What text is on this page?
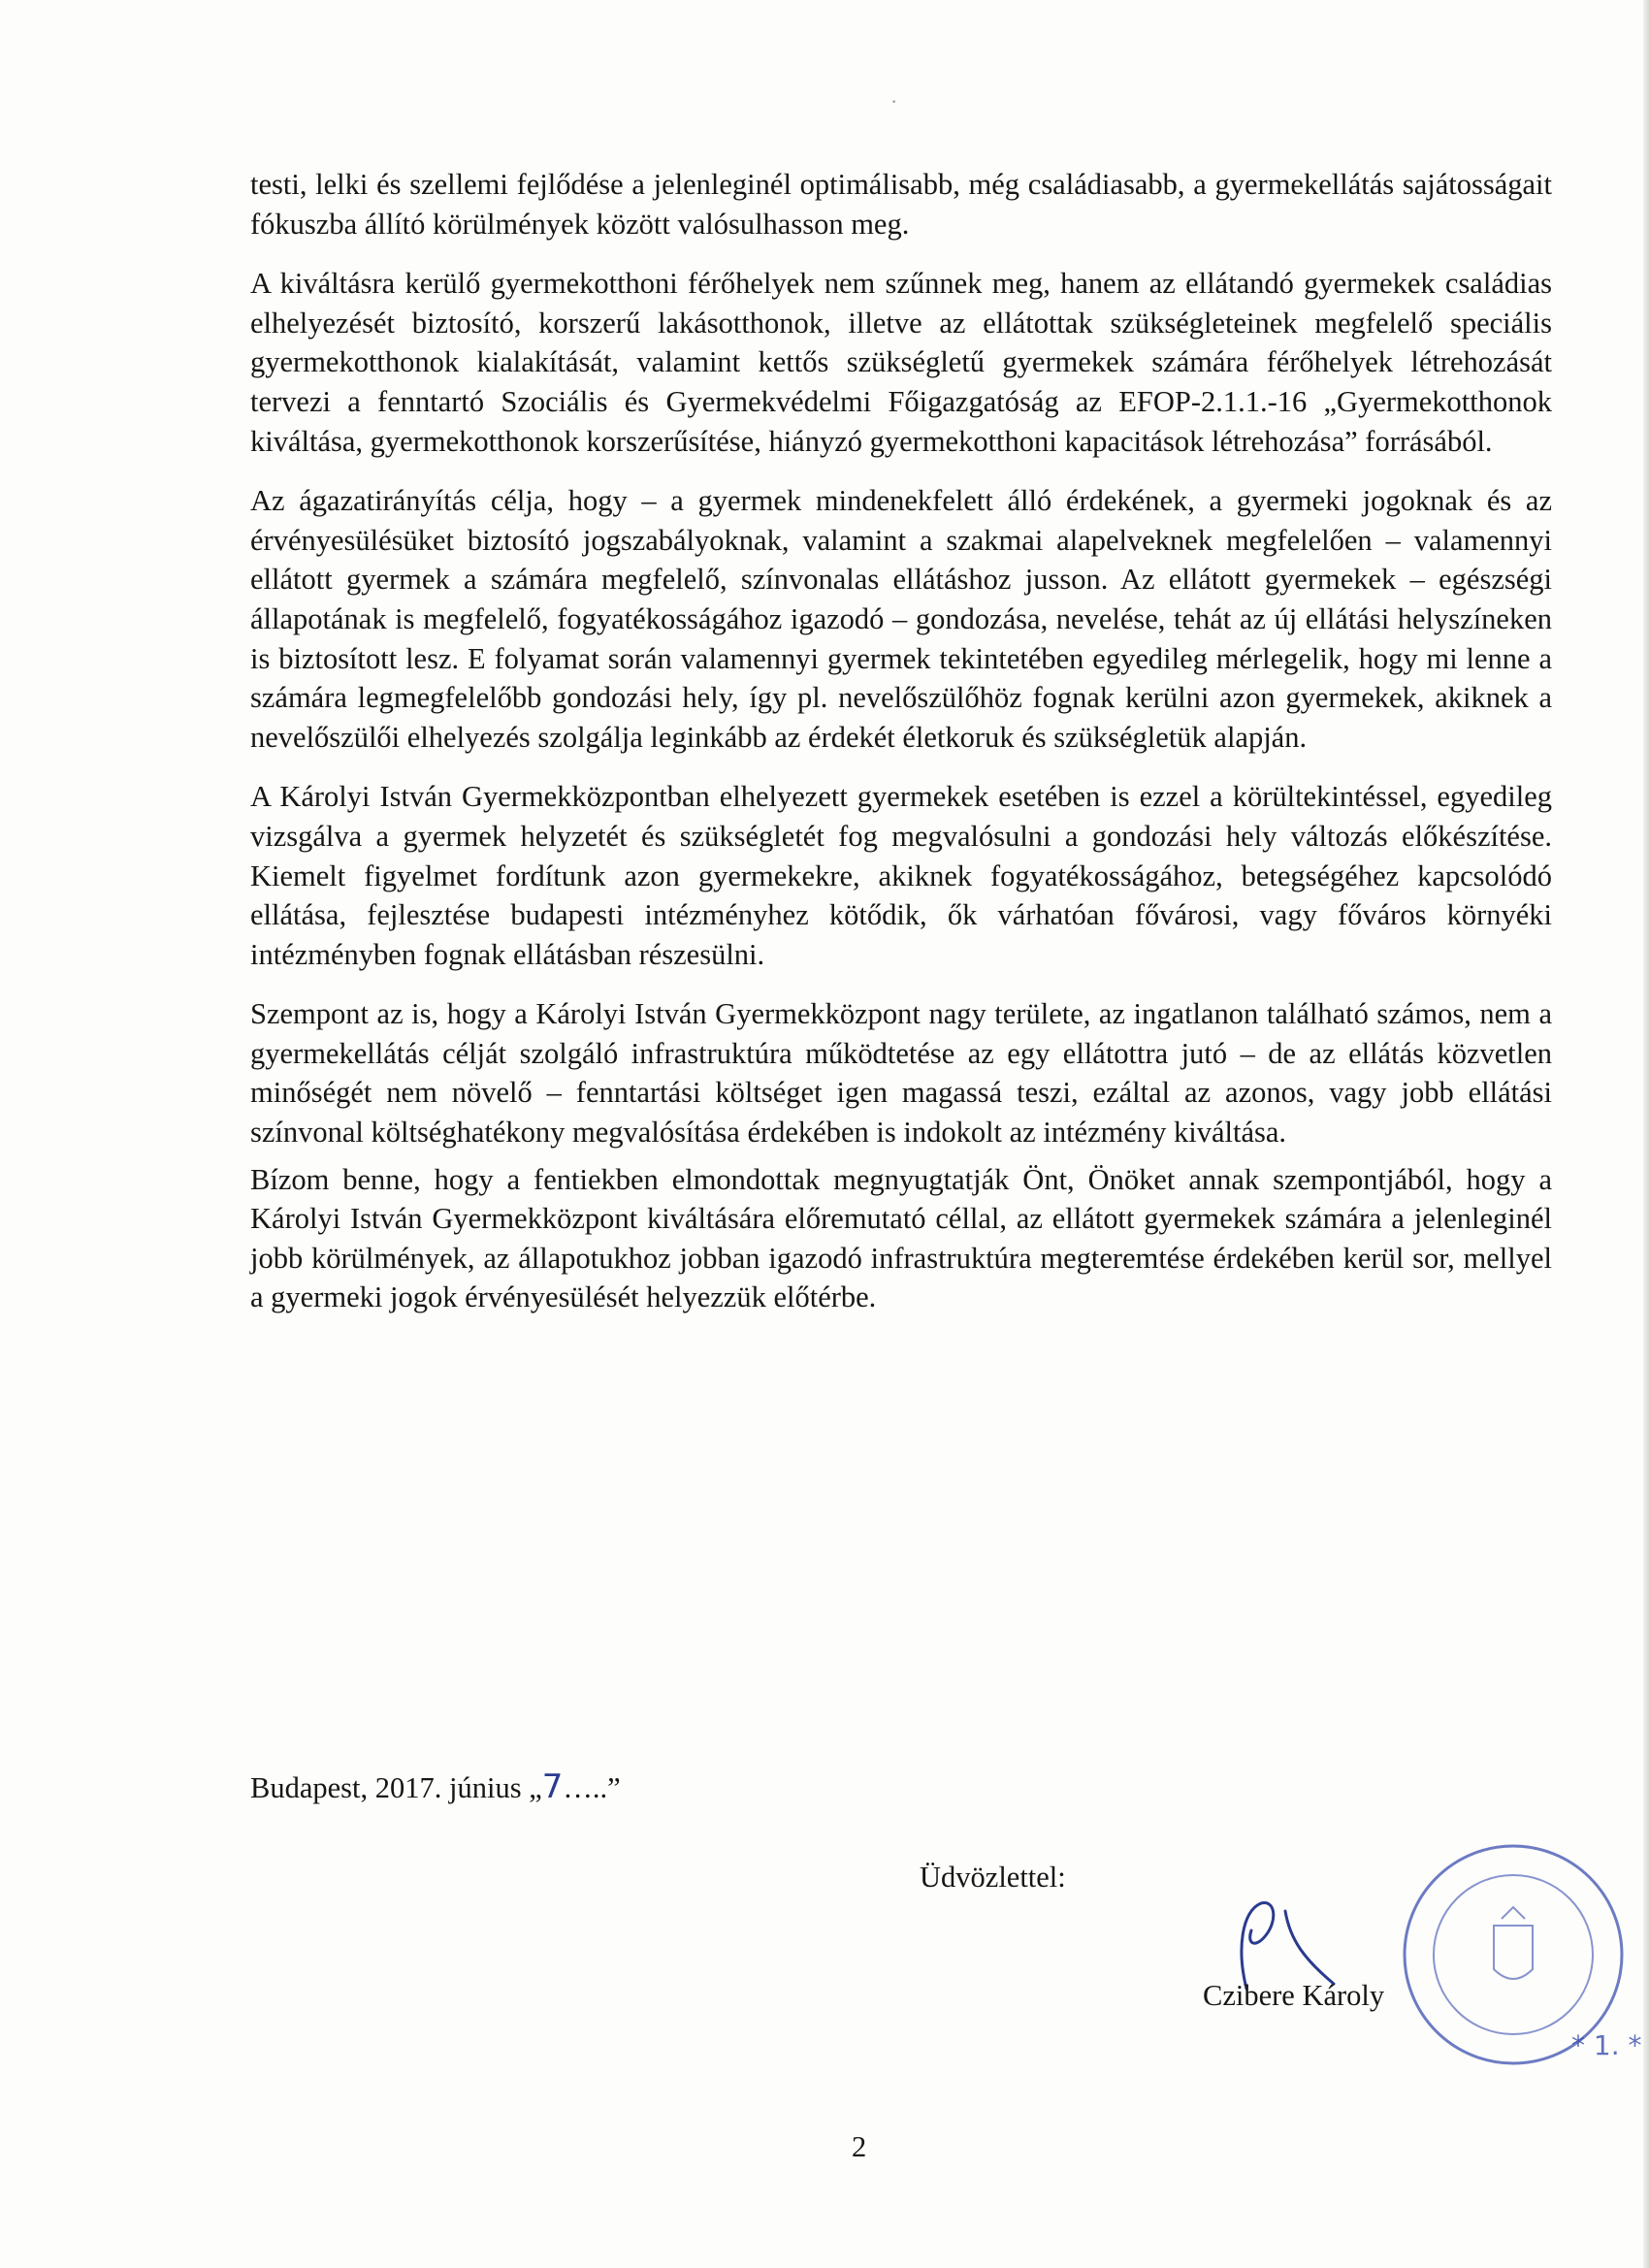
·

testi, lelki és szellemi fejlődése a jelenleginél optimálisabb, még családiasabb, a gyermekellátás sajátosságait fókuszba állító körülmények között valósulhasson meg.

A kiváltásra kerülő gyermekotthoni férőhelyek nem szűnnek meg, hanem az ellátandó gyermekek családias elhelyezését biztosító, korszerű lakásotthonok, illetve az ellátottak szükségleteinek megfelelő speciális gyermekotthonok kialakítását, valamint kettős szükségletű gyermekek számára férőhelyek létrehozását tervezi a fenntartó Szociális és Gyermekvédelmi Főigazgatóság az EFOP-2.1.1.-16 „Gyermekotthonok kiváltása, gyermekotthonok korszerűsítése, hiányzó gyermekotthoni kapacitások létrehozása” forrásából.

Az ágazatirányítás célja, hogy – a gyermek mindenekfelett álló érdekének, a gyermeki jogoknak és az érvényesülésüket biztosító jogszabályoknak, valamint a szakmai alapelveknek megfelelően – valamennyi ellátott gyermek a számára megfelelő, színvonalas ellátáshoz jusson. Az ellátott gyermekek – egészségi állapotának is megfelelő, fogyatékosságához igazodó – gondozása, nevelése, tehát az új ellátási helyszíneken is biztosított lesz. E folyamat során valamennyi gyermek tekintetében egyedileg mérlegelik, hogy mi lenne a számára legmegfelelőbb gondozási hely, így pl. nevelőszülőhöz fognak kerülni azon gyermekek, akiknek a nevelőszülői elhelyezés szolgálja leginkább az érdekét életkoruk és szükségletük alapján.

A Károlyi István Gyermekközpontban elhelyezett gyermekek esetében is ezzel a körültekintéssel, egyedileg vizsgálva a gyermek helyzetét és szükségletét fog megvalósulni a gondozási hely változás előkészítése. Kiemelt figyelmet fordítunk azon gyermekekre, akiknek fogyatékosságához, betegségéhez kapcsolódó ellátása, fejlesztése budapesti intézményhez kötődik, ők várhatóan fővárosi, vagy főváros környéki intézményben fognak ellátásban részesülni.

Szempont az is, hogy a Károlyi István Gyermekközpont nagy területe, az ingatlanon található számos, nem a gyermekellátás célját szolgáló infrastruktúra működtetése az egy ellátottra jutó – de az ellátás közvetlen minőségét nem növelő – fenntartási költséget igen magassá teszi, ezáltal az azonos, vagy jobb ellátási színvonal költséghatékony megvalósítása érdekében is indokolt az intézmény kiváltása.

Bízom benne, hogy a fentiekben elmondottak megnyugtatják Önt, Önöket annak szempontjából, hogy a Károlyi István Gyermekközpont kiváltására előremutató céllal, az ellátott gyermekek számára a jelenleginél jobb körülmények, az állapotukhoz jobban igazodó infrastruktúra megteremtése érdekében kerül sor, mellyel a gyermeki jogok érvényesülését helyezzük előtérbe.

Budapest, 2017. június „7…..”
Üdvözlettel:
Czibere Károly
* 1. *
2
